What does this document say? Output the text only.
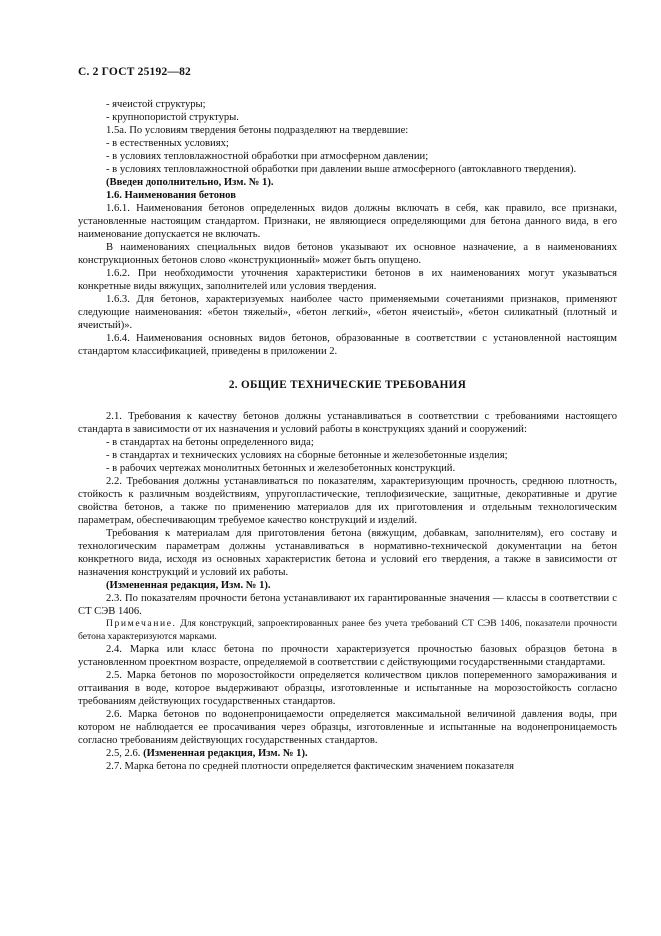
С. 2 ГОСТ 25192—82

- ячеистой структуры;

- крупнопористой структуры.

1.5а. По условиям твердения бетоны подразделяют на твердевшие:

- в естественных условиях;

- в условиях тепловлажностной обработки при атмосферном давлении;

- в условиях тепловлажностной обработки при давлении выше атмосферного (автоклавного твердения).

(Введен дополнительно, Изм. № 1).

1.6. Наименования бетонов

1.6.1. Наименования бетонов определенных видов должны включать в себя, как правило, все признаки, установленные настоящим стандартом. Признаки, не являющиеся определяющими для бетона данного вида, в его наименование допускается не включать.

В наименованиях специальных видов бетонов указывают их основное назначение, а в наименованиях конструкционных бетонов слово «конструкционный» может быть опущено.

1.6.2. При необходимости уточнения характеристики бетонов в их наименованиях могут указываться конкретные виды вяжущих, заполнителей или условия твердения.

1.6.3. Для бетонов, характеризуемых наиболее часто применяемыми сочетаниями признаков, применяют следующие наименования: «бетон тяжелый», «бетон легкий», «бетон ячеистый», «бетон силикатный (плотный и ячеистый)».

1.6.4. Наименования основных видов бетонов, образованные в соответствии с установленной настоящим стандартом классификацией, приведены в приложении 2.

2. ОБЩИЕ ТЕХНИЧЕСКИЕ ТРЕБОВАНИЯ

2.1. Требования к качеству бетонов должны устанавливаться в соответствии с требованиями настоящего стандарта в зависимости от их назначения и условий работы в конструкциях зданий и сооружений:

- в стандартах на бетоны определенного вида;

- в стандартах и технических условиях на сборные бетонные и железобетонные изделия;

- в рабочих чертежах монолитных бетонных и железобетонных конструкций.

2.2. Требования должны устанавливаться по показателям, характеризующим прочность, среднюю плотность, стойкость к различным воздействиям, упругопластические, теплофизические, защитные, декоративные и другие свойства бетонов, а также по применению материалов для их приготовления и отдельным технологическим параметрам, обеспечивающим требуемое качество конструкций и изделий.

Требования к материалам для приготовления бетона (вяжущим, добавкам, заполнителям), его составу и технологическим параметрам должны устанавливаться в нормативно-технической документации на бетон конкретного вида, исходя из основных характеристик бетона и условий его твердения, а также в зависимости от назначения конструкций и условий их работы.

(Измененная редакция, Изм. № 1).

2.3. По показателям прочности бетона устанавливают их гарантированные значения — классы в соответствии с СТ СЭВ 1406.

Примечание. Для конструкций, запроектированных ранее без учета требований СТ СЭВ 1406, показатели прочности бетона характеризуются марками.

2.4. Марка или класс бетона по прочности характеризуется прочностью базовых образцов бетона в установленном проектном возрасте, определяемой в соответствии с действующими государственными стандартами.

2.5. Марка бетонов по морозостойкости определяется количеством циклов попеременного замораживания и оттаивания в воде, которое выдерживают образцы, изготовленные и испытанные на морозостойкость согласно требованиям действующих государственных стандартов.

2.6. Марка бетонов по водонепроницаемости определяется максимальной величиной давления воды, при котором не наблюдается ее просачивания через образцы, изготовленные и испытанные на водонепроницаемость согласно требованиям действующих государственных стандартов.

2.5, 2.6. (Измененная редакция, Изм. № 1).

2.7. Марка бетона по средней плотности определяется фактическим значением показателя
